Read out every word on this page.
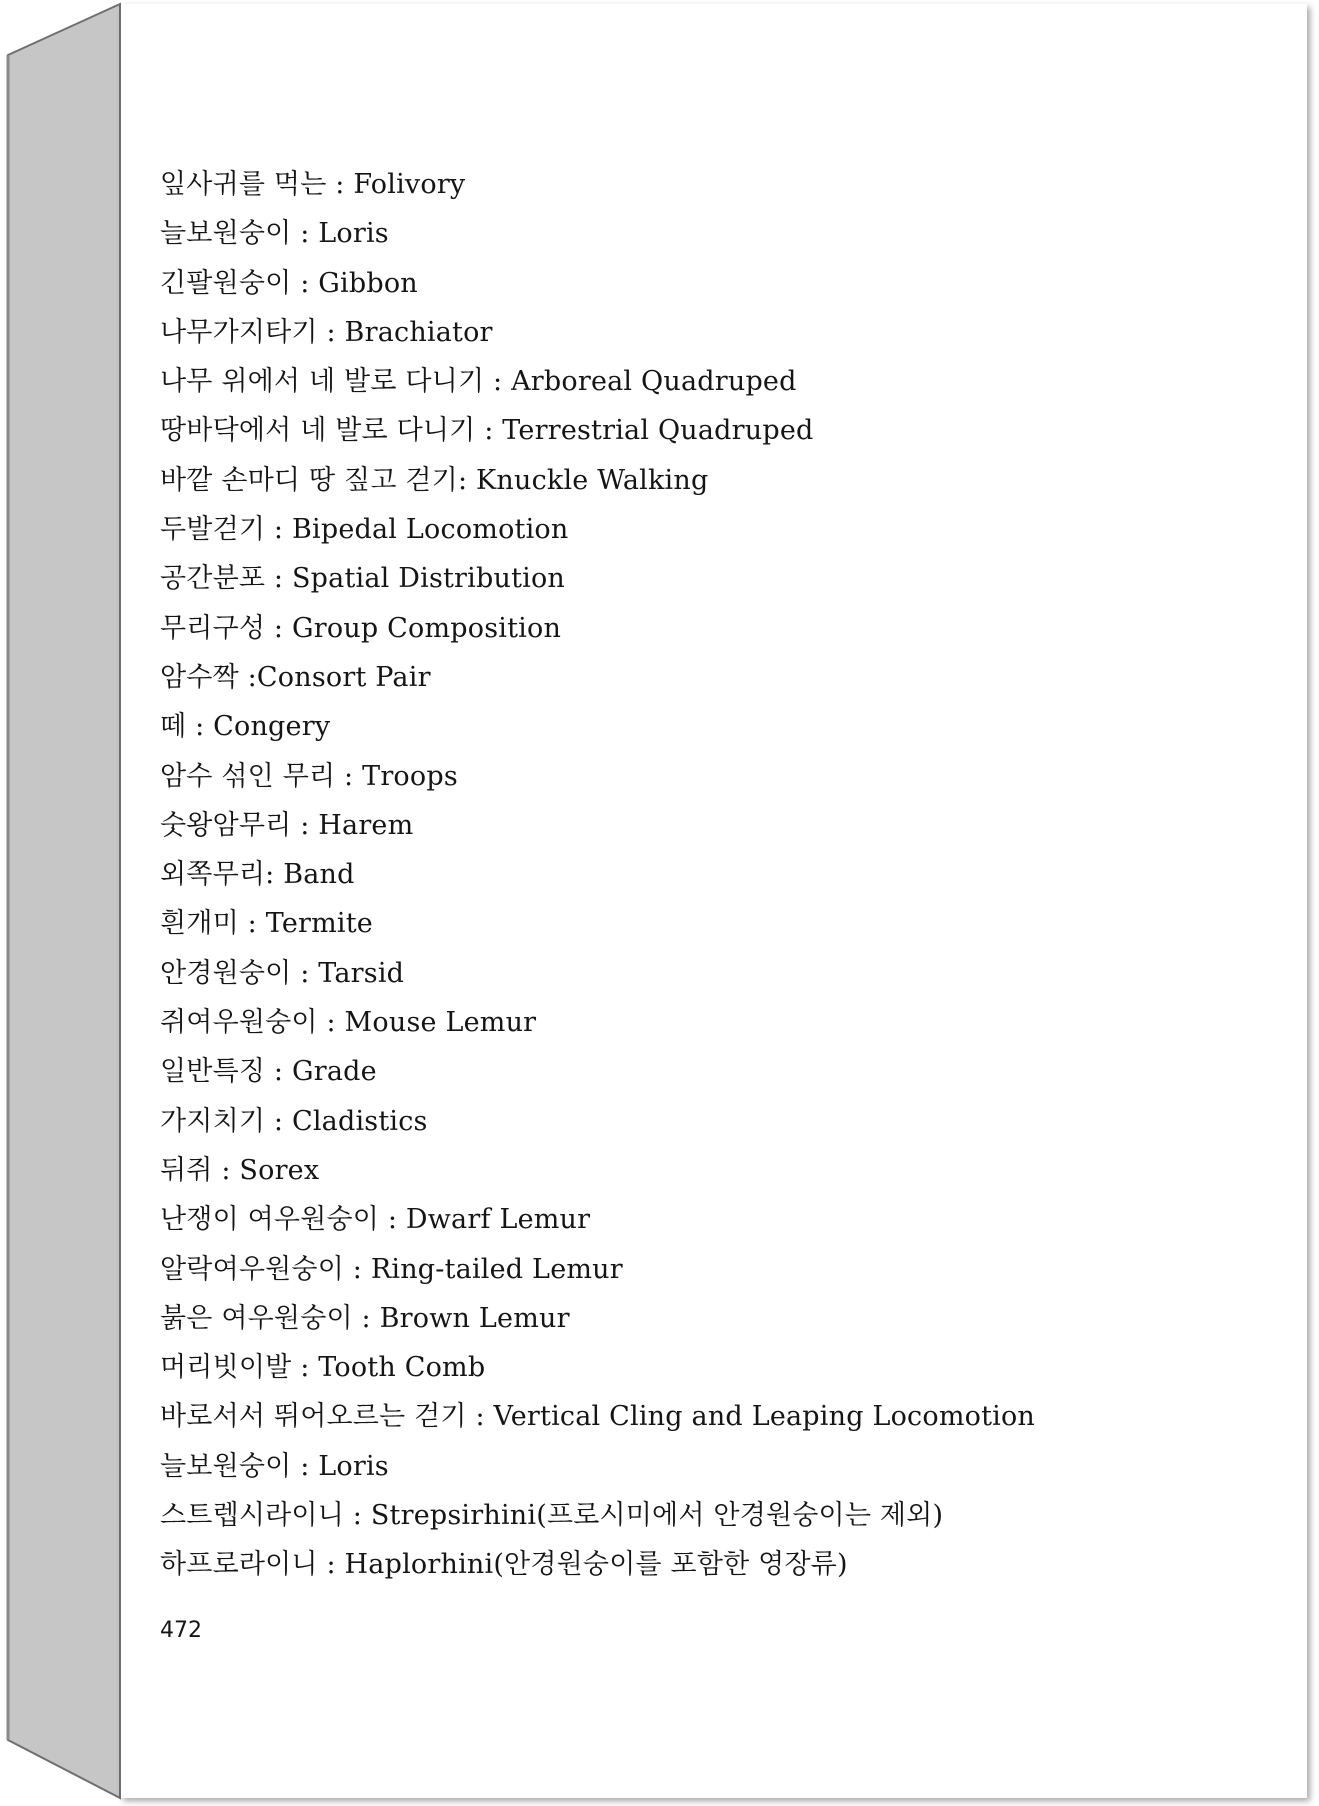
잎사귀를 먹는 : Folivory
늘보원숭이 : Loris
긴팔원숭이 : Gibbon
나무가지타기 : Brachiator
나무 위에서 네 발로 다니기 : Arboreal Quadruped
땅바닥에서 네 발로 다니기 : Terrestrial Quadruped
바깥 손마디 땅 짚고 걷기: Knuckle Walking
두발걷기 : Bipedal Locomotion
공간분포 : Spatial Distribution
무리구성 : Group Composition
암수짝 :Consort Pair
떼 : Congery
암수 섞인 무리 : Troops
숫왕암무리 : Harem
외쪽무리: Band
흰개미 : Termite
안경원숭이 : Tarsid
쥐여우원숭이 : Mouse Lemur
일반특징 : Grade
가지치기 : Cladistics
뒤쥐 : Sorex
난쟁이 여우원숭이 : Dwarf Lemur
알락여우원숭이 : Ring-tailed Lemur
붉은 여우원숭이 : Brown Lemur
머리빗이발 : Tooth Comb
바로서서 뛰어오르는 걷기 : Vertical Cling and Leaping Locomotion
늘보원숭이 : Loris
스트렙시라이니 : Strepsirhini(프로시미에서 안경원숭이는 제외)
하프로라이니 : Haplorhini(안경원숭이를 포함한 영장류)
472
